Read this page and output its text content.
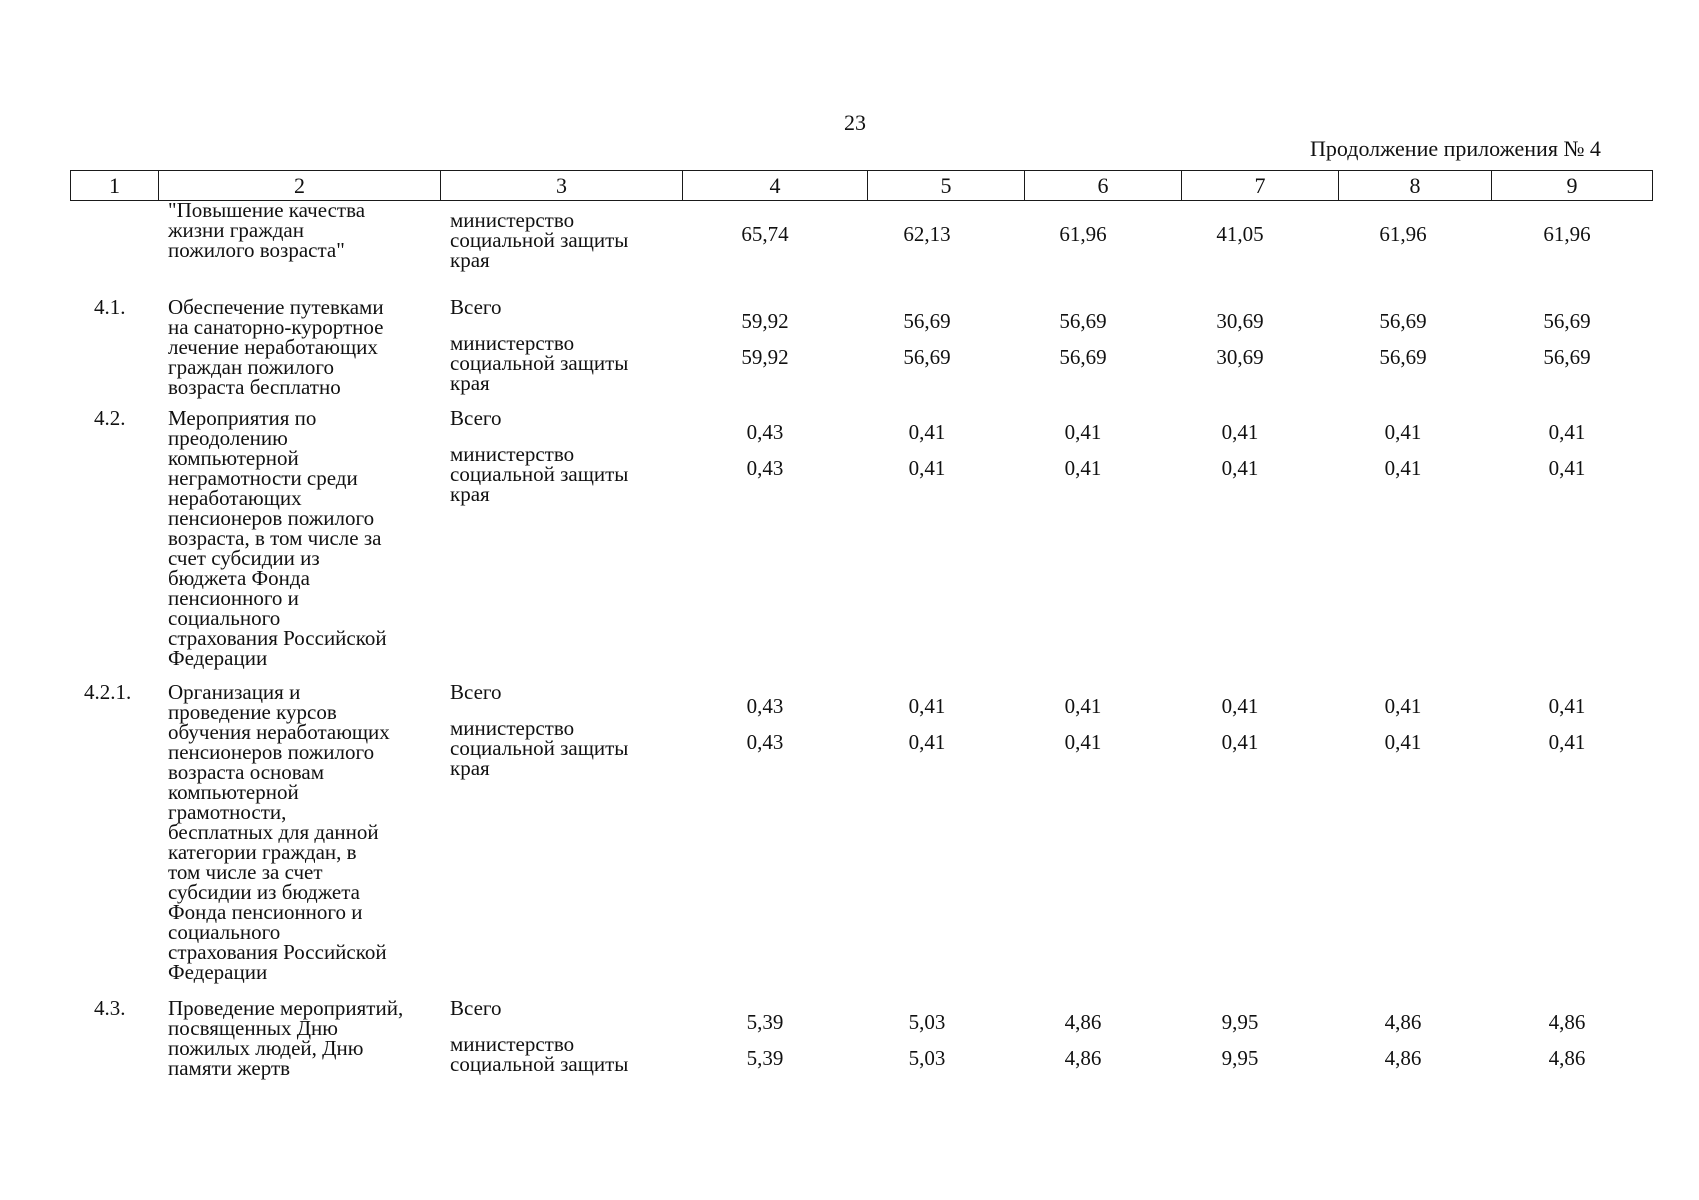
23
Продолжение приложения № 4
1	2	3	4	5	6	7	8	9
"Повышение качества
жизни граждан
пожилого возраста"
министерство
социальной защиты
края
65,74	62,13	61,96	41,05	61,96	61,96
4.1. Обеспечение путевками
на санаторно-курортное
лечение неработающих
граждан пожилого
возраста бесплатно
Всего
59,92	56,69	56,69	30,69	56,69	56,69
министерство
социальной защиты
края
59,92	56,69	56,69	30,69	56,69	56,69
4.2. Мероприятия по
преодолению
компьютерной
неграмотности среди
неработающих
пенсионеров пожилого
возраста, в том числе за
счет субсидии из
бюджета Фонда
пенсионного и
социального
страхования Российской
Федерации
Всего
0,43	0,41	0,41	0,41	0,41	0,41
министерство
социальной защиты
края
0,43	0,41	0,41	0,41	0,41	0,41
4.2.1. Организация и
проведение курсов
обучения неработающих
пенсионеров пожилого
возраста основам
компьютерной
грамотности,
бесплатных для данной
категории граждан, в
том числе за счет
субсидии из бюджета
Фонда пенсионного и
социального
страхования Российской
Федерации
Всего
0,43	0,41	0,41	0,41	0,41	0,41
министерство
социальной защиты
края
0,43	0,41	0,41	0,41	0,41	0,41
4.3. Проведение мероприятий,
посвященных Дню
пожилых людей, Дню
памяти жертв
Всего
5,39	5,03	4,86	9,95	4,86	4,86
министерство
социальной защиты	5,39	5,03	4,86	9,95	4,86	4,86
